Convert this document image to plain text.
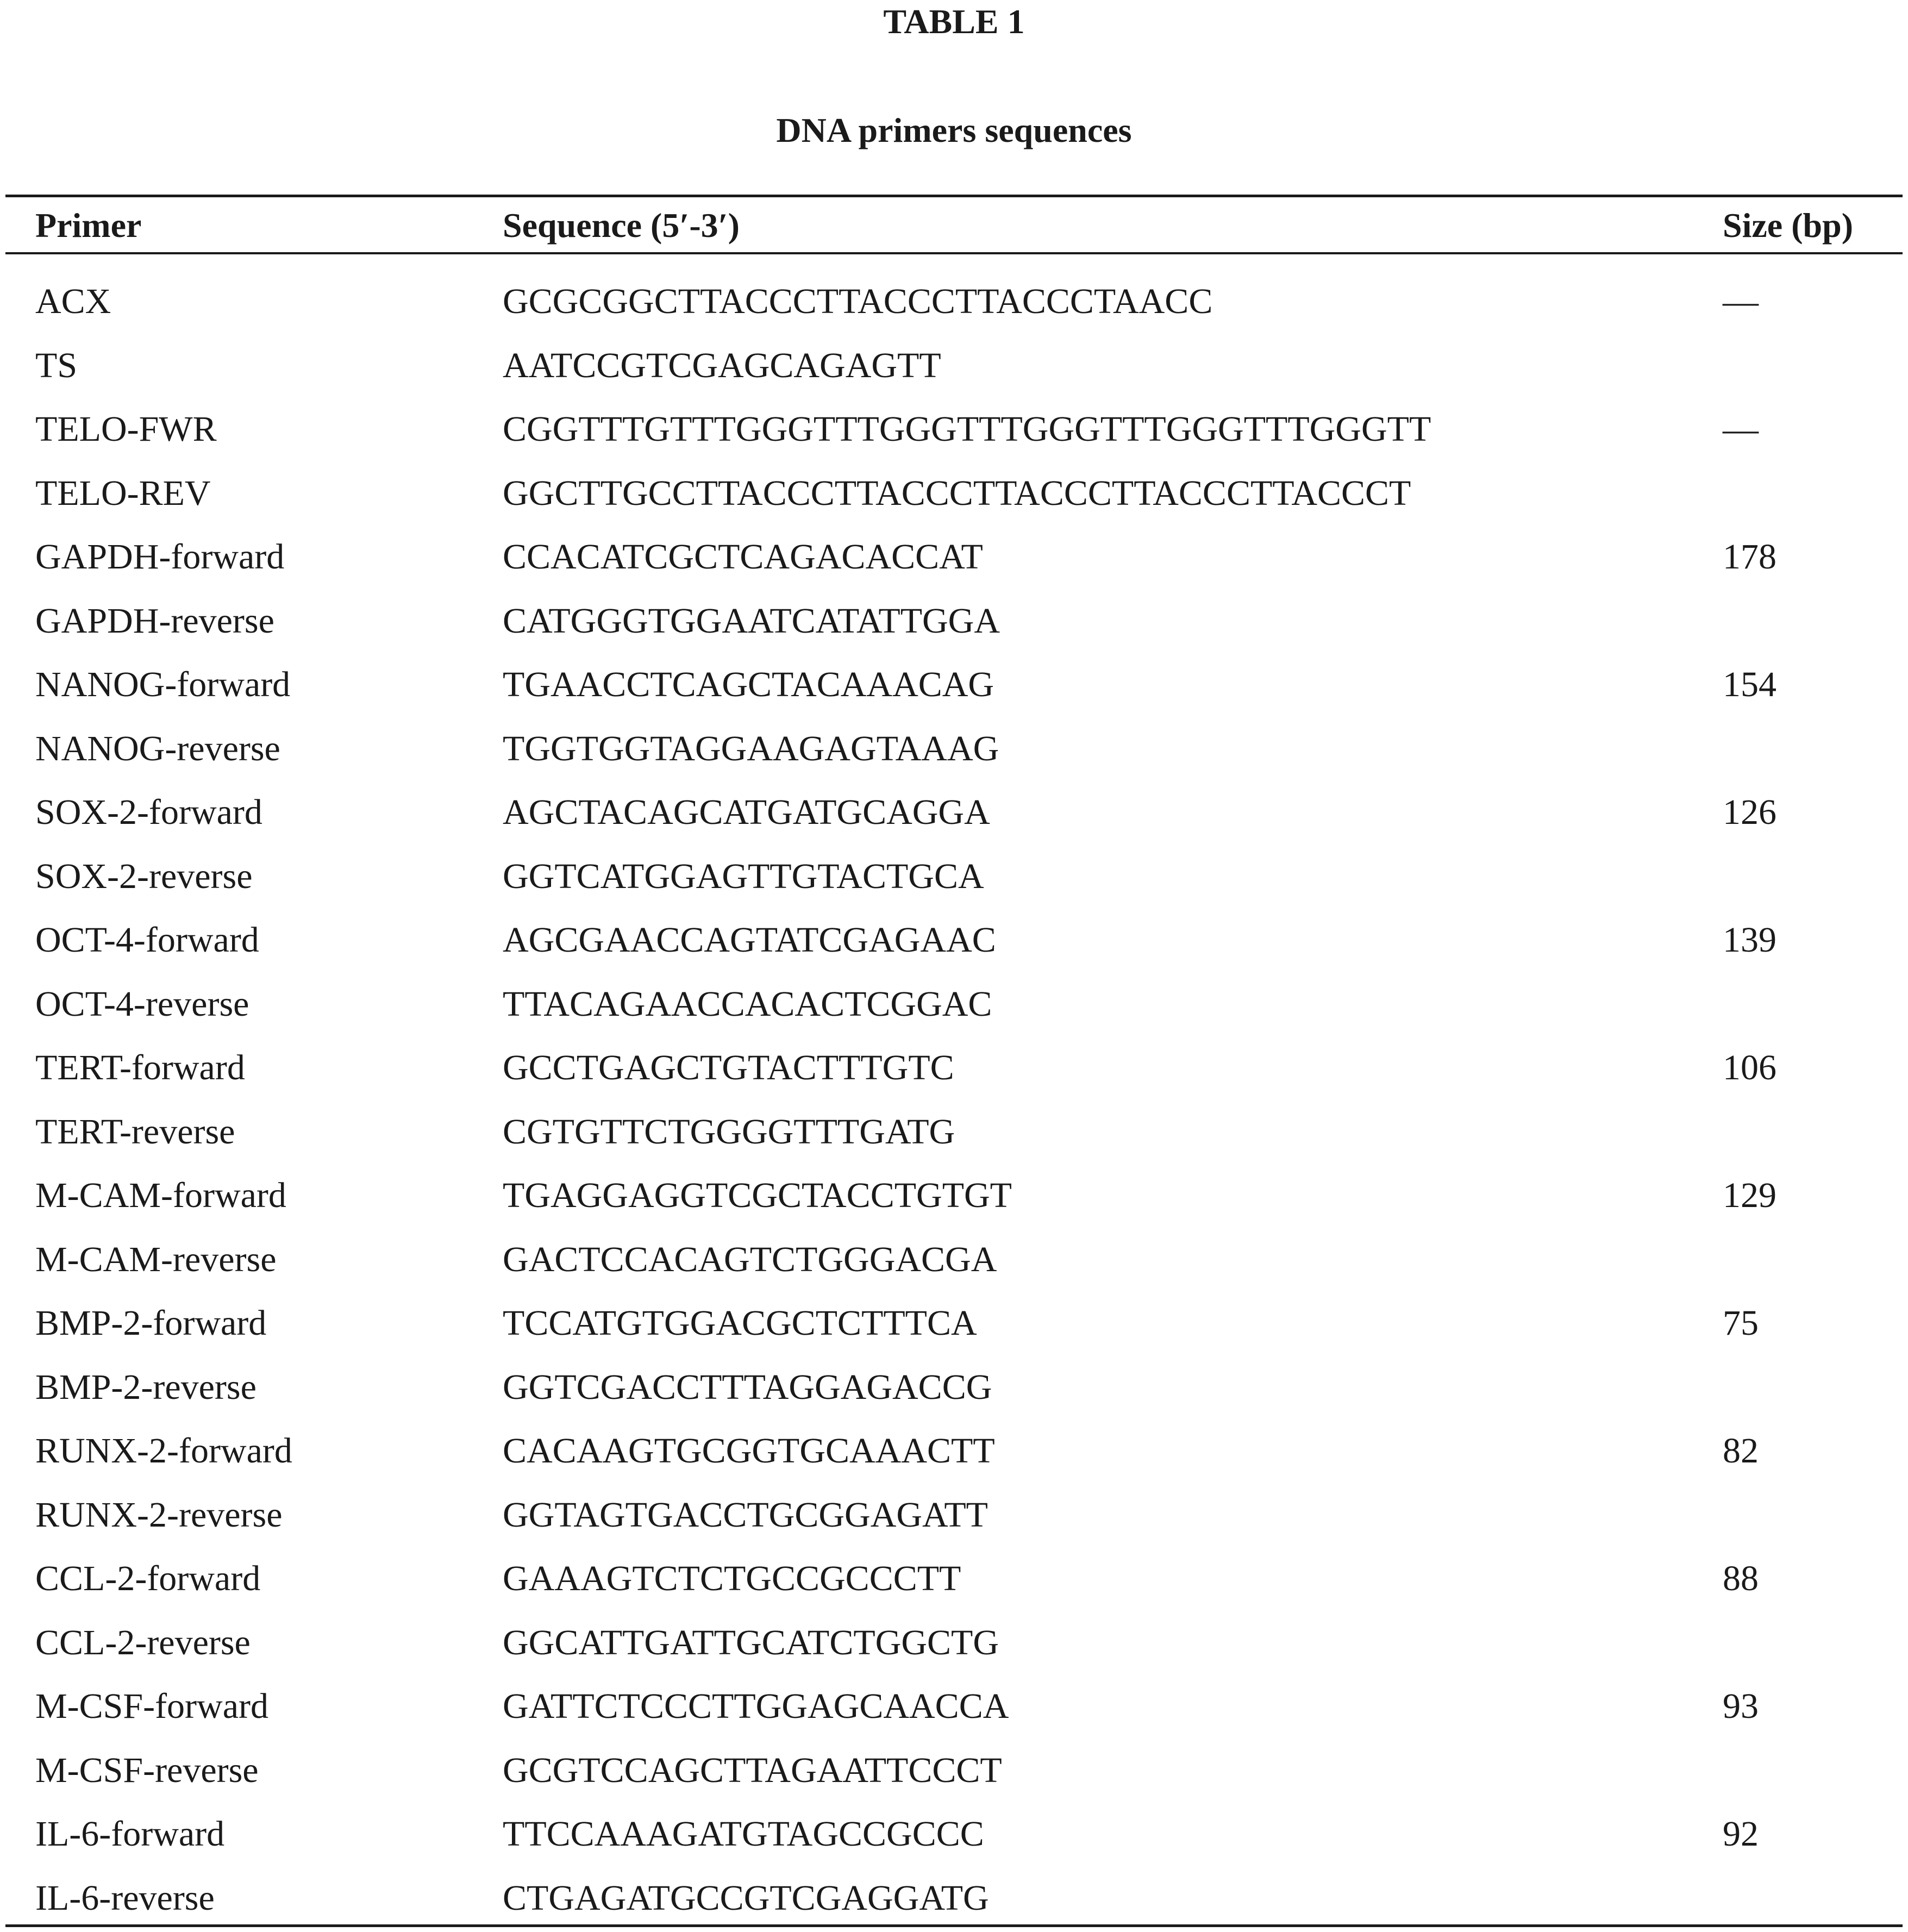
TABLE 1
DNA primers sequences
Primer	Sequence (5′-3′)	Size (bp)
ACX	GCGCGGCTTACCCTTACCCTTACCCTAACC	—
TS	AATCCGTCGAGCAGAGTT
TELO-FWR	CGGTTTGTTTGGGTTTGGGTTTGGGTTTGGGTTTGGGTT	—
TELO-REV	GGCTTGCCTTACCCTTACCCTTACCCTTACCCTTACCCT
GAPDH-forward	CCACATCGCTCAGACACCAT	178
GAPDH-reverse	CATGGGTGGAATCATATTGGA
NANOG-forward	TGAACCTCAGCTACAAACAG	154
NANOG-reverse	TGGTGGTAGGAAGAGTAAAG
SOX-2-forward	AGCTACAGCATGATGCAGGA	126
SOX-2-reverse	GGTCATGGAGTTGTACTGCA
OCT-4-forward	AGCGAACCAGTATCGAGAAC	139
OCT-4-reverse	TTACAGAACCACACTCGGAC
TERT-forward	GCCTGAGCTGTACTTTGTC	106
TERT-reverse	CGTGTTCTGGGGTTTGATG
M-CAM-forward	TGAGGAGGTCGCTACCTGTGT	129
M-CAM-reverse	GACTCCACAGTCTGGGACGA
BMP-2-forward	TCCATGTGGACGCTCTTTCA	75
BMP-2-reverse	GGTCGACCTTTAGGAGACCG
RUNX-2-forward	CACAAGTGCGGTGCAAACTT	82
RUNX-2-reverse	GGTAGTGACCTGCGGAGATT
CCL-2-forward	GAAAGTCTCTGCCGCCCTT	88
CCL-2-reverse	GGCATTGATTGCATCTGGCTG
M-CSF-forward	GATTCTCCCTTGGAGCAACCA	93
M-CSF-reverse	GCGTCCAGCTTAGAATTCCCT
IL-6-forward	TTCCAAAGATGTAGCCGCCC	92
IL-6-reverse	CTGAGATGCCGTCGAGGATG
